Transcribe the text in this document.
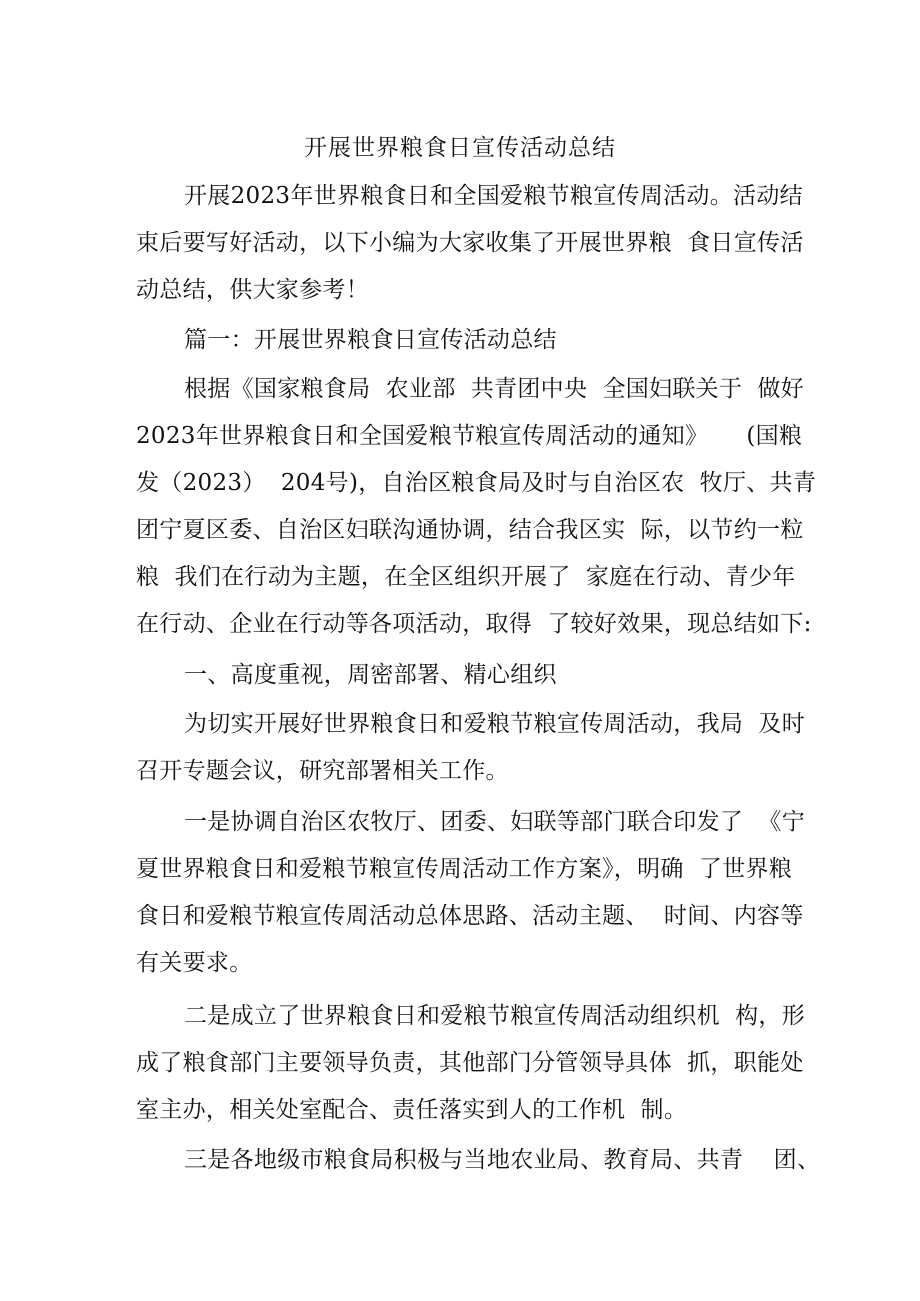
开展世界粮食日宣传活动总结
开展2023年世界粮食日和全国爱粮节粮宣传周活动。活动结
束后要写好活动，以下小编为大家收集了开展世界粮  食日宣传活
动总结，供大家参考！
篇一：开展世界粮食日宣传活动总结
根据《国家粮食局  农业部  共青团中央  全国妇联关于  做好
2023年世界粮食日和全国爱粮节粮宣传周活动的通知》     (国粮
发（2023）  204号)，自治区粮食局及时与自治区农  牧厅、共青
团宁夏区委、自治区妇联沟通协调，结合我区实  际，以节约一粒
粮  我们在行动为主题，在全区组织开展了  家庭在行动、青少年
在行动、企业在行动等各项活动，取得  了较好效果，现总结如下:
一、高度重视，周密部署、精心组织
为切实开展好世界粮食日和爱粮节粮宣传周活动，我局  及时
召开专题会议，研究部署相关工作。
一是协调自治区农牧厅、团委、妇联等部门联合印发了  《宁
夏世界粮食日和爱粮节粮宣传周活动工作方案》，明确  了世界粮
食日和爱粮节粮宣传周活动总体思路、活动主题、  时间、内容等
有关要求。
二是成立了世界粮食日和爱粮节粮宣传周活动组织机  构，形
成了粮食部门主要领导负责，其他部门分管领导具体  抓，职能处
室主办，相关处室配合、责任落实到人的工作机  制。
三是各地级市粮食局积极与当地农业局、教育局、共青    团、
